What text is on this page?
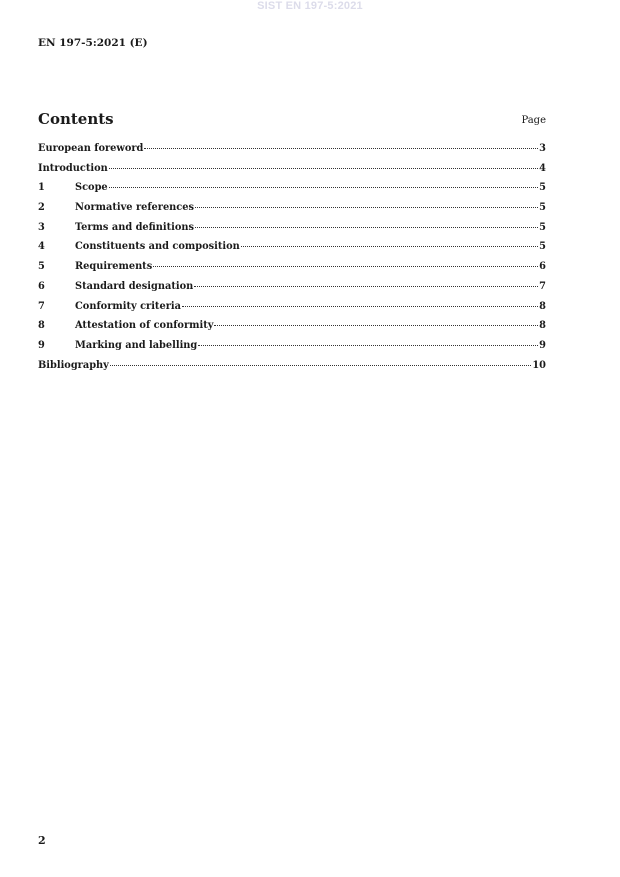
SIST EN 197-5:2021
EN 197-5:2021 (E)
Contents	Page
European foreword	3
Introduction	4
1	Scope	5
2	Normative references	5
3	Terms and definitions	5
4	Constituents and composition	5
5	Requirements	6
6	Standard designation	7
7	Conformity criteria	8
8	Attestation of conformity	8
9	Marking and labelling	9
Bibliography	10
2
